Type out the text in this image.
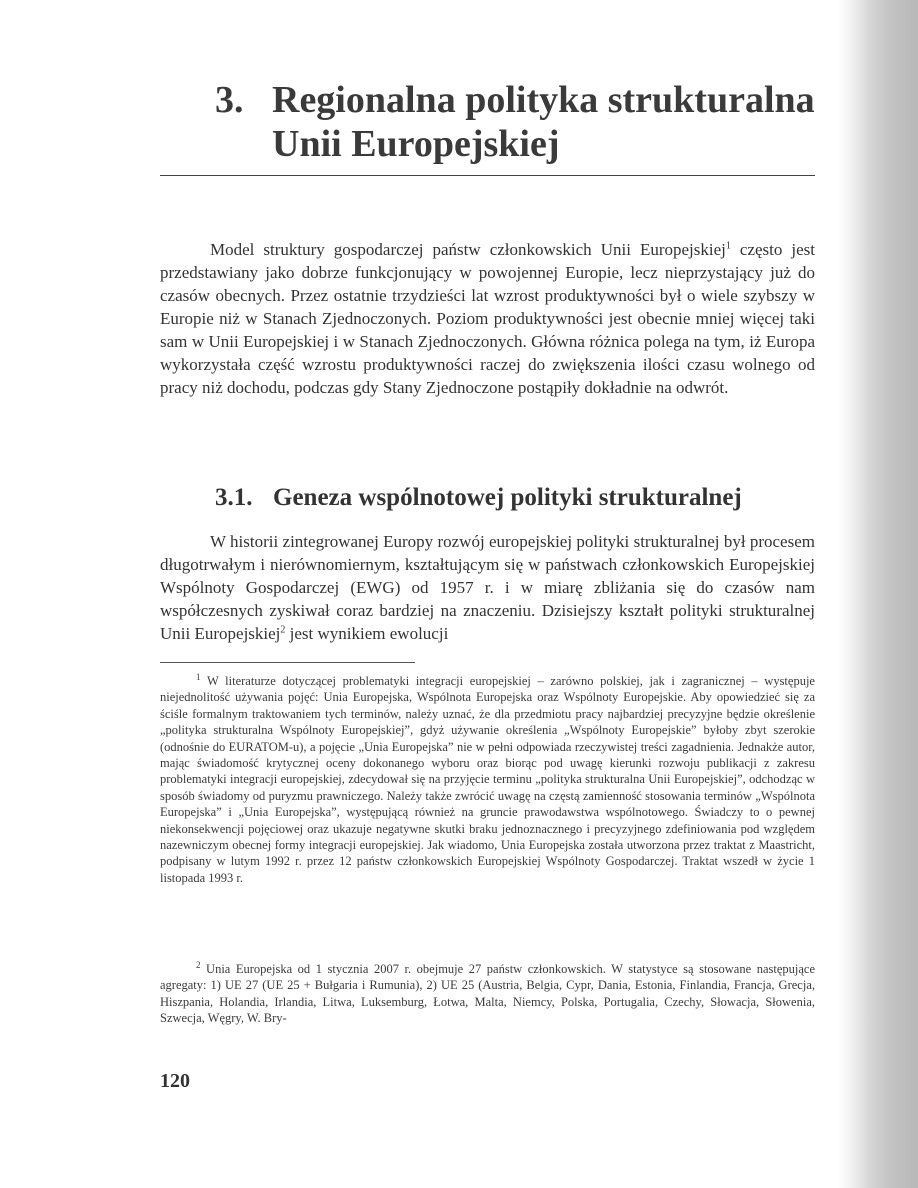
3. Regionalna polityka strukturalna Unii Europejskiej

Model struktury gospodarczej państw członkowskich Unii Europejskiej$^1$ często jest przedstawiany jako dobrze funkcjonujący w powojennej Europie, lecz nieprzystający już do czasów obecnych. Przez ostatnie trzydzieści lat wzrost produktywności był o wiele szybszy w Europie niż w Stanach Zjednoczonych. Poziom produktywności jest obecnie mniej więcej taki sam w Unii Europejskiej i w Stanach Zjednoczonych. Główna różnica polega na tym, iż Europa wykorzystała część wzrostu produktywności raczej do zwiększenia ilości czasu wolnego od pracy niż dochodu, podczas gdy Stany Zjednoczone postąpiły dokładnie na odwrót.

3.1. Geneza wspólnotowej polityki strukturalnej

W historii zintegrowanej Europy rozwój europejskiej polityki strukturalnej był procesem długotrwałym i nierównomiernym, kształtującym się w państwach członkowskich Europejskiej Wspólnoty Gospodarczej (EWG) od 1957 r. i w miarę zbliżania się do czasów nam współczesnych zyskiwał coraz bardziej na znaczeniu. Dzisiejszy kształt polityki strukturalnej Unii Europejskiej$^2$ jest wynikiem ewolucji

$^1$ W literaturze dotyczącej problematyki integracji europejskiej – zarówno polskiej, jak i zagranicznej – występuje niejednolitość używania pojęć: Unia Europejska, Wspólnota Europejska oraz Wspólnoty Europejskie. Aby opowiedzieć się za ściśle formalnym traktowaniem tych terminów, należy uznać, że dla przedmiotu pracy najbardziej precyzyjne będzie określenie „polityka strukturalna Wspólnoty Europejskiej”, gdyż używanie określenia „Wspólnoty Europejskie” byłoby zbyt szerokie (odnośnie do EURATOM-u), a pojęcie „Unia Europejska” nie w pełni odpowiada rzeczywistej treści zagadnienia. Jednakże autor, mając świadomość krytycznej oceny dokonanego wyboru oraz biorąc pod uwagę kierunki rozwoju publikacji z zakresu problematyki integracji europejskiej, zdecydował się na przyjęcie terminu „polityka strukturalna Unii Europejskiej”, odchodząc w sposób świadomy od puryzmu prawniczego. Należy także zwrócić uwagę na częstą zamienność stosowania terminów „Wspólnota Europejska” i „Unia Europejska”, występującą również na gruncie prawodawstwa wspólnotowego. Świadczy to o pewnej niekonsekwencji pojęciowej oraz ukazuje negatywne skutki braku jednoznacznego i precyzyjnego zdefiniowania pod względem nazewniczym obecnej formy integracji europejskiej. Jak wiadomo, Unia Europejska została utworzona przez traktat z Maastricht, podpisany w lutym 1992 r. przez 12 państw członkowskich Europejskiej Wspólnoty Gospodarczej. Traktat wszedł w życie 1 listopada 1993 r.

$^2$ Unia Europejska od 1 stycznia 2007 r. obejmuje 27 państw członkowskich. W statystyce są stosowane następujące agregaty: 1) UE 27 (UE 25 + Bułgaria i Rumunia), 2) UE 25 (Austria, Belgia, Cypr, Dania, Estonia, Finlandia, Francja, Grecja, Hiszpania, Holandia, Irlandia, Litwa, Luksemburg, Łotwa, Malta, Niemcy, Polska, Portugalia, Czechy, Słowacja, Słowenia, Szwecja, Węgry, W. Bry-

120
